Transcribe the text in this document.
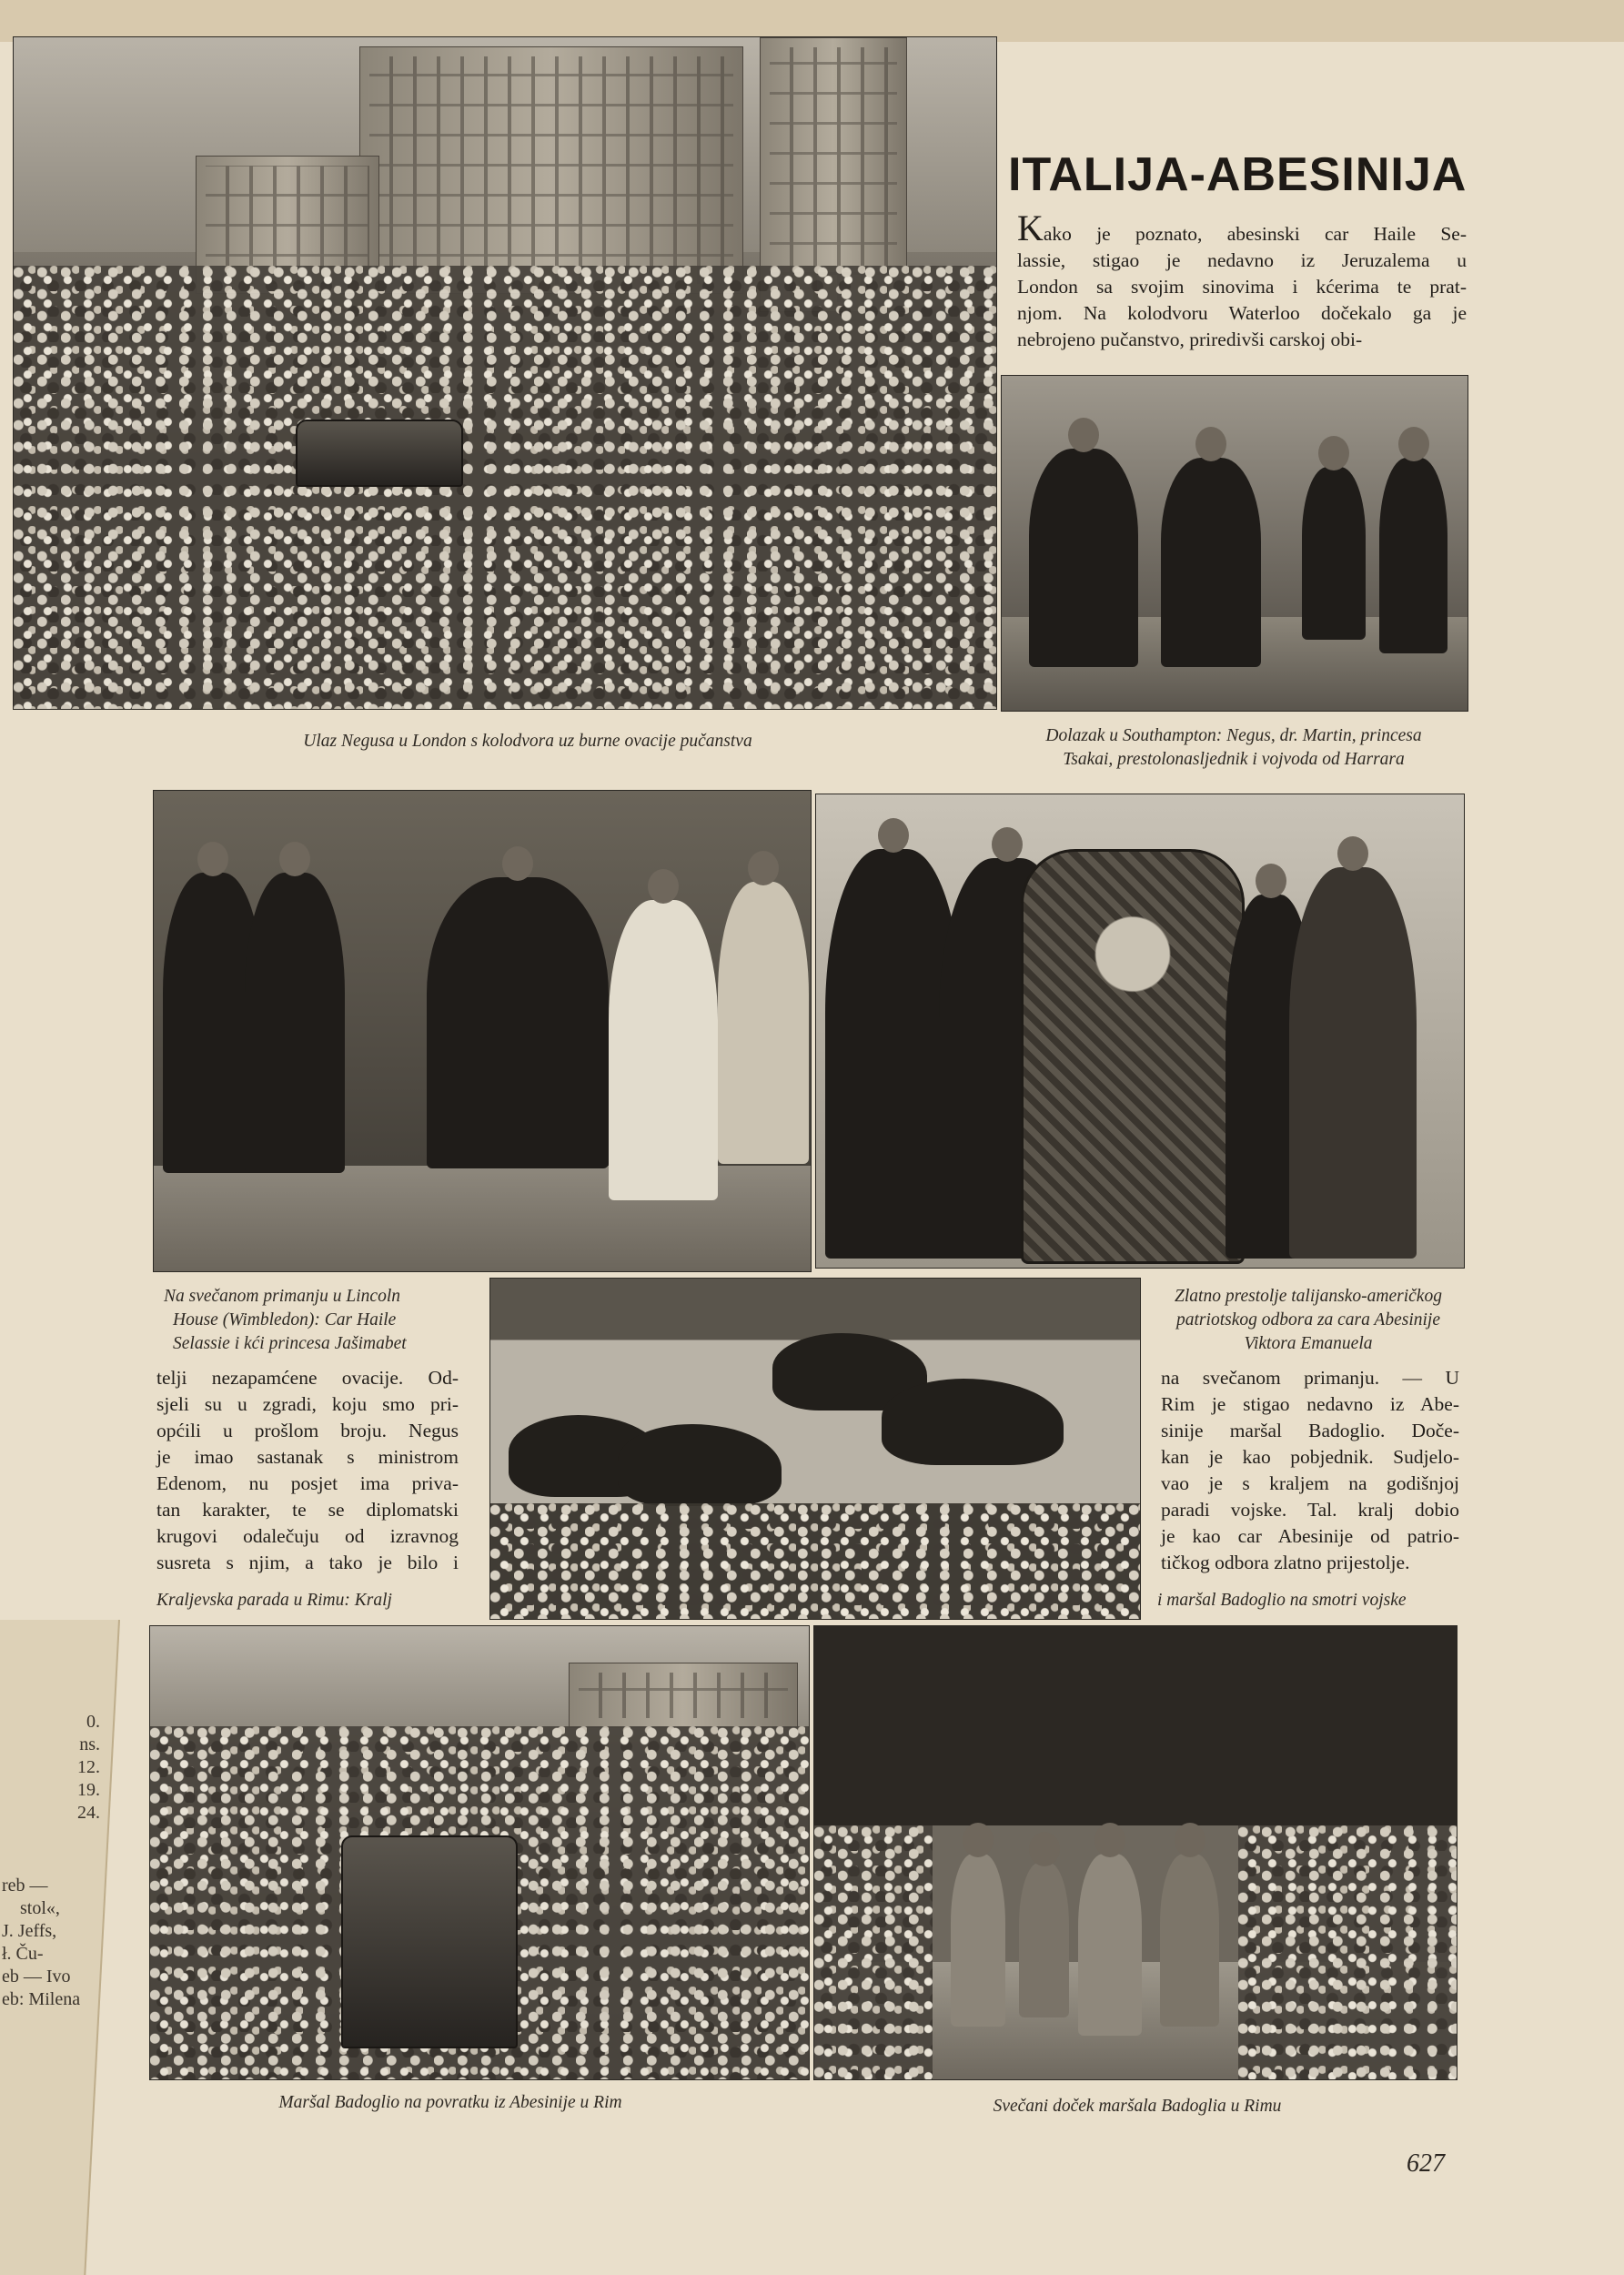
Ulaz Negusa u London s kolodvora uz burne ovacije pučanstva
ITALIJA-ABESINIJA
Kako je poznato, abesinski car Haile Se-
lassie, stigao je nedavno iz Jeruzalema u
London sa svojim sinovima i kćerima te prat-
njom. Na kolodvoru Waterloo dočekalo ga je
nebrojeno pučanstvo, priredivši carskoj obi-
Dolazak u Southampton: Negus, dr. Martin, princesa
Tsakai, prestolonasljednik i vojvoda od Harrara
Na svečanom primanju u Lincoln
House (Wimbledon): Car Haile
Selassie i kći princesa Jašimabet
Zlatno prestolje talijansko-američkog
patriotskog odbora za cara Abesinije
Viktora Emanuela
telji nezapamćene ovacije. Od-
sjeli su u zgradi, koju smo pri-
općili u prošlom broju. Negus
je imao sastanak s ministrom
Edenom, nu posjet ima priva-
tan karakter, te se diplomatski
krugovi odalečuju od izravnog
susreta s njim, a tako je bilo i
na svečanom primanju. — U
Rim je stigao nedavno iz Abe-
sinije maršal Badoglio. Doče-
kan je kao pobjednik. Sudjelo-
vao je s kraljem na godišnjoj
paradi vojske. Tal. kralj dobio
je kao car Abesinije od patrio-
tičkog odbora zlatno prijestolje.
Kraljevska parada u Rimu: Kralj	i maršal Badoglio na smotri vojske
Maršal Badoglio na povratku iz Abesinije u Rim	Svečani doček maršala Badoglia u Rimu
627
0.
ns.
12.
19.
24.
reb —
stol«,
J. Jeffs,
ł. Ču-
eb — Ivo
eb: Milena
